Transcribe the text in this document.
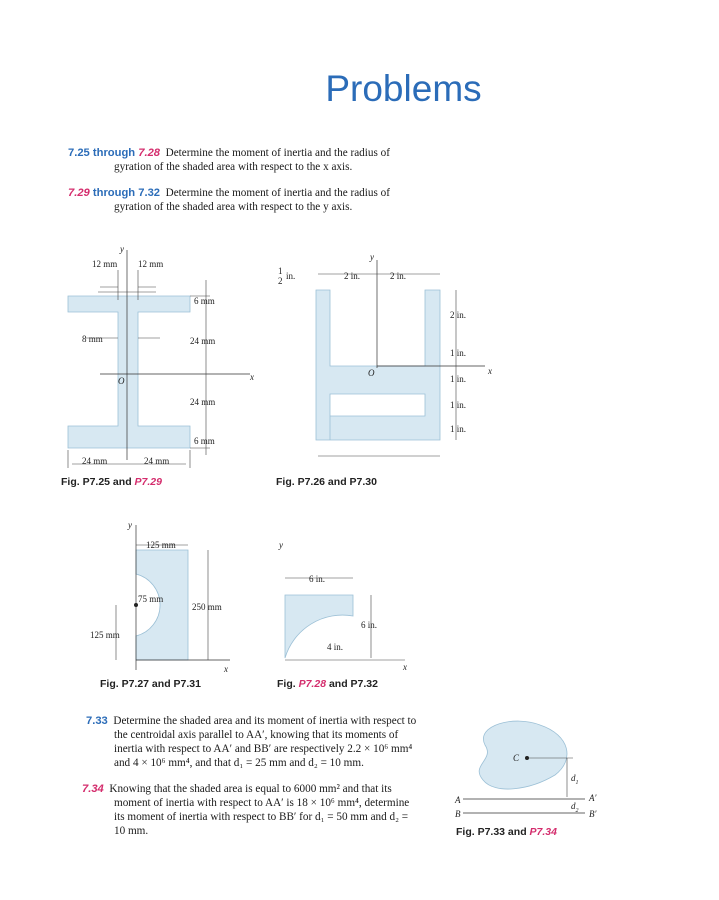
Problems
7.25 through 7.28 Determine the moment of inertia and the radius of
gyration of the shaded area with respect to the x axis.
7.29 through 7.32 Determine the moment of inertia and the radius of
gyration of the shaded area with respect to the y axis.
y
x
O
12 mm 12 mm
6 mm
8 mm	24 mm
24 mm
6 mm
24 mm	24 mm
Fig. P7.25 and P7.29
y
x
O
1
2 in.	2 in.	2 in.
2 in.
1 in.
1 in.
1 in.
1 in.
Fig. P7.26 and P7.30
y
x
125 mm
75 mm
250 mm
125 mm
Fig. P7.27 and P7.31
y
x
6 in.
6 in.
4 in.
Fig. P7.28 and P7.32
7.33 Determine the shaded area and its moment of inertia with respect to
the centroidal axis parallel to AA′, knowing that its moments of
inertia with respect to AA′ and BB′ are respectively 2.2 × 10⁶ mm⁴
and 4 × 10⁶ mm⁴, and that d₁ = 25 mm and d₂ = 10 mm.
7.34 Knowing that the shaded area is equal to 6000 mm² and that its
moment of inertia with respect to AA′ is 18 × 10⁶ mm⁴, determine
its moment of inertia with respect to BB′ for d₁ = 50 mm and d₂ =
10 mm.
C
A	A′
B	B′
$d_1$
$d_2$
Fig. P7.33 and P7.34
